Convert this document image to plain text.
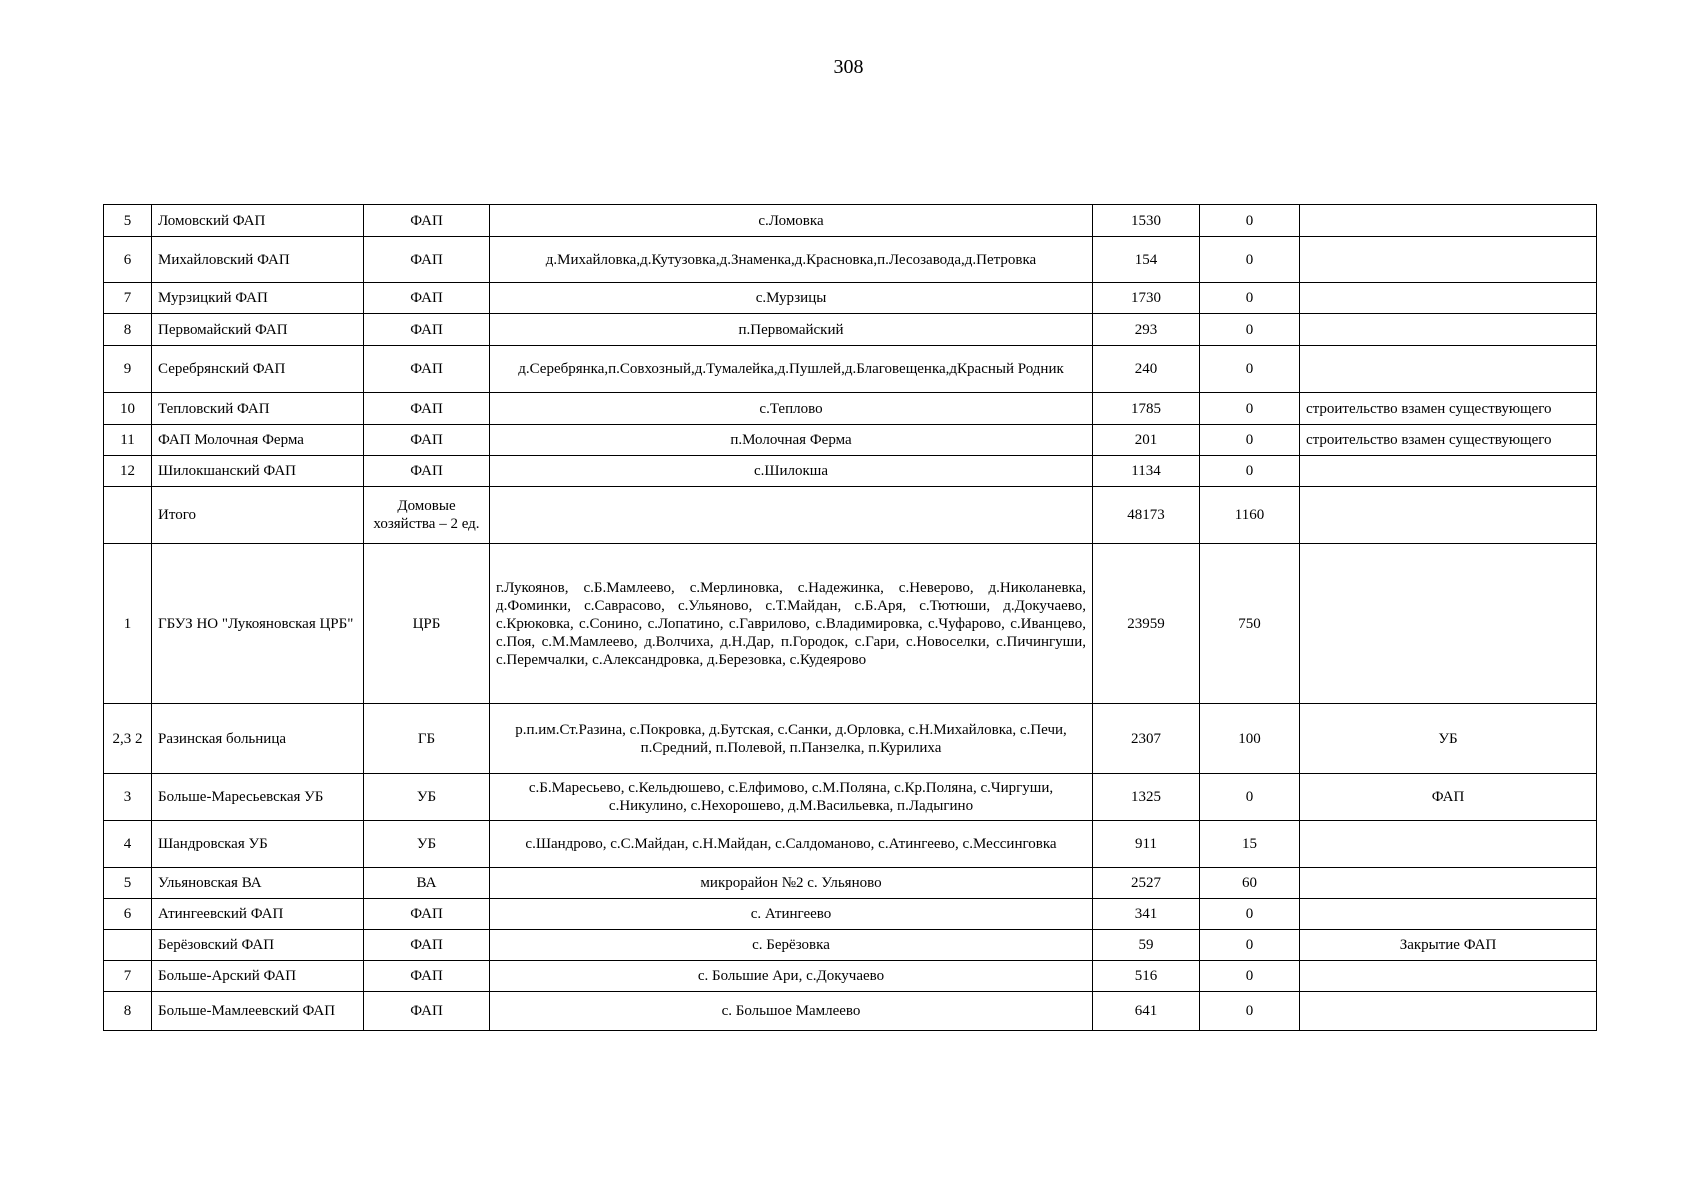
308
5	Ломовский ФАП	ФАП	с.Ломовка	1530	0	
6	Михайловский ФАП	ФАП	д.Михайловка,д.Кутузовка,д.Знаменка,д.Красновка,п.Лесозавода,д.Петровка	154	0	
7	Мурзицкий ФАП	ФАП	с.Мурзицы	1730	0	
8	Первомайский ФАП	ФАП	п.Первомайский	293	0	
9	Серебрянский ФАП	ФАП	д.Серебрянка,п.Совхозный,д.Тумалейка,д.Пушлей,д.Благовещенка,дКрасный Родник	240	0	
10	Тепловский ФАП	ФАП	с.Теплово	1785	0	строительство взамен существующего
11	ФАП Молочная Ферма	ФАП	п.Молочная Ферма	201	0	строительство взамен существующего
12	Шилокшанский ФАП	ФАП	с.Шилокша	1134	0	
	Итого	Домовые хозяйства – 2 ед.		48173	1160	
1	ГБУЗ НО "Лукояновская ЦРБ"	ЦРБ	г.Лукоянов, с.Б.Мамлеево, с.Мерлиновка, с.Надежинка, с.Неверово, д.Николаневка, д.Фоминки, с.Саврасово, с.Ульяново, с.Т.Майдан, с.Б.Аря, с.Тютюши, д.Докучаево, с.Крюковка, с.Сонино, с.Лопатино, с.Гаврилово, с.Владимировка, с.Чуфарово, с.Иванцево, с.Поя, с.М.Мамлеево, д.Волчиха, д.Н.Дар, п.Городок, с.Гари, с.Новоселки, с.Пичингуши, с.Перемчалки, с.Александровка, д.Березовка, с.Кудеярово	23959	750	
2,3 2	Разинская больница	ГБ	р.п.им.Ст.Разина, с.Покровка, д.Бутская, с.Санки, д.Орловка, с.Н.Михайловка, с.Печи, п.Средний, п.Полевой, п.Панзелка, п.Курилиха	2307	100	УБ
3	Больше-Маресьевская УБ	УБ	с.Б.Маресьево, с.Кельдюшево, с.Елфимово, с.М.Поляна, с.Кр.Поляна, с.Чиргуши, с.Никулино, с.Нехорошево, д.М.Васильевка, п.Ладыгино	1325	0	ФАП
4	Шандровская УБ	УБ	с.Шандрово, с.С.Майдан, с.Н.Майдан, с.Салдоманово, с.Атингеево, с.Мессинговка	911	15	
5	Ульяновская ВА	ВА	микрорайон №2 с. Ульяново	2527	60	
6	Атингеевский ФАП	ФАП	с. Атингеево	341	0	
	Берёзовский ФАП	ФАП	с. Берёзовка	59	0	Закрытие ФАП
7	Больше-Арский ФАП	ФАП	с. Большие Ари, с.Докучаево	516	0	
8	Больше-Мамлеевский ФАП	ФАП	с. Большое Мамлеево	641	0	
